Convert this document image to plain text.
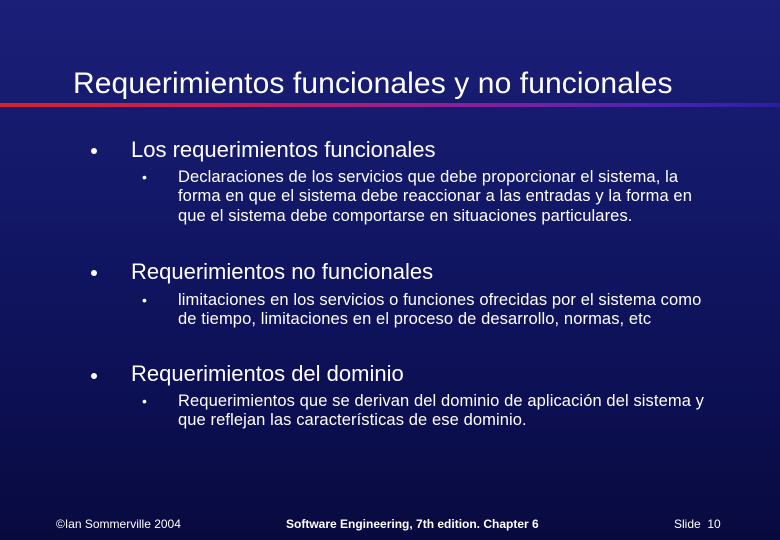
Requerimientos funcionales y no funcionales
Los requerimientos funcionales
• Declaraciones de los servicios que debe proporcionar el sistema, la forma en que el sistema debe reaccionar a las entradas y la forma en que el sistema debe comportarse en situaciones particulares.
Requerimientos no funcionales
• limitaciones en los servicios o funciones ofrecidas por el sistema como de tiempo, limitaciones en el proceso de desarrollo, normas, etc
Requerimientos del dominio
• Requerimientos que se derivan del dominio de aplicación del sistema y que reflejan las características de ese dominio.
©Ian Sommerville 2004	Software Engineering, 7th edition. Chapter 6	Slide  10
